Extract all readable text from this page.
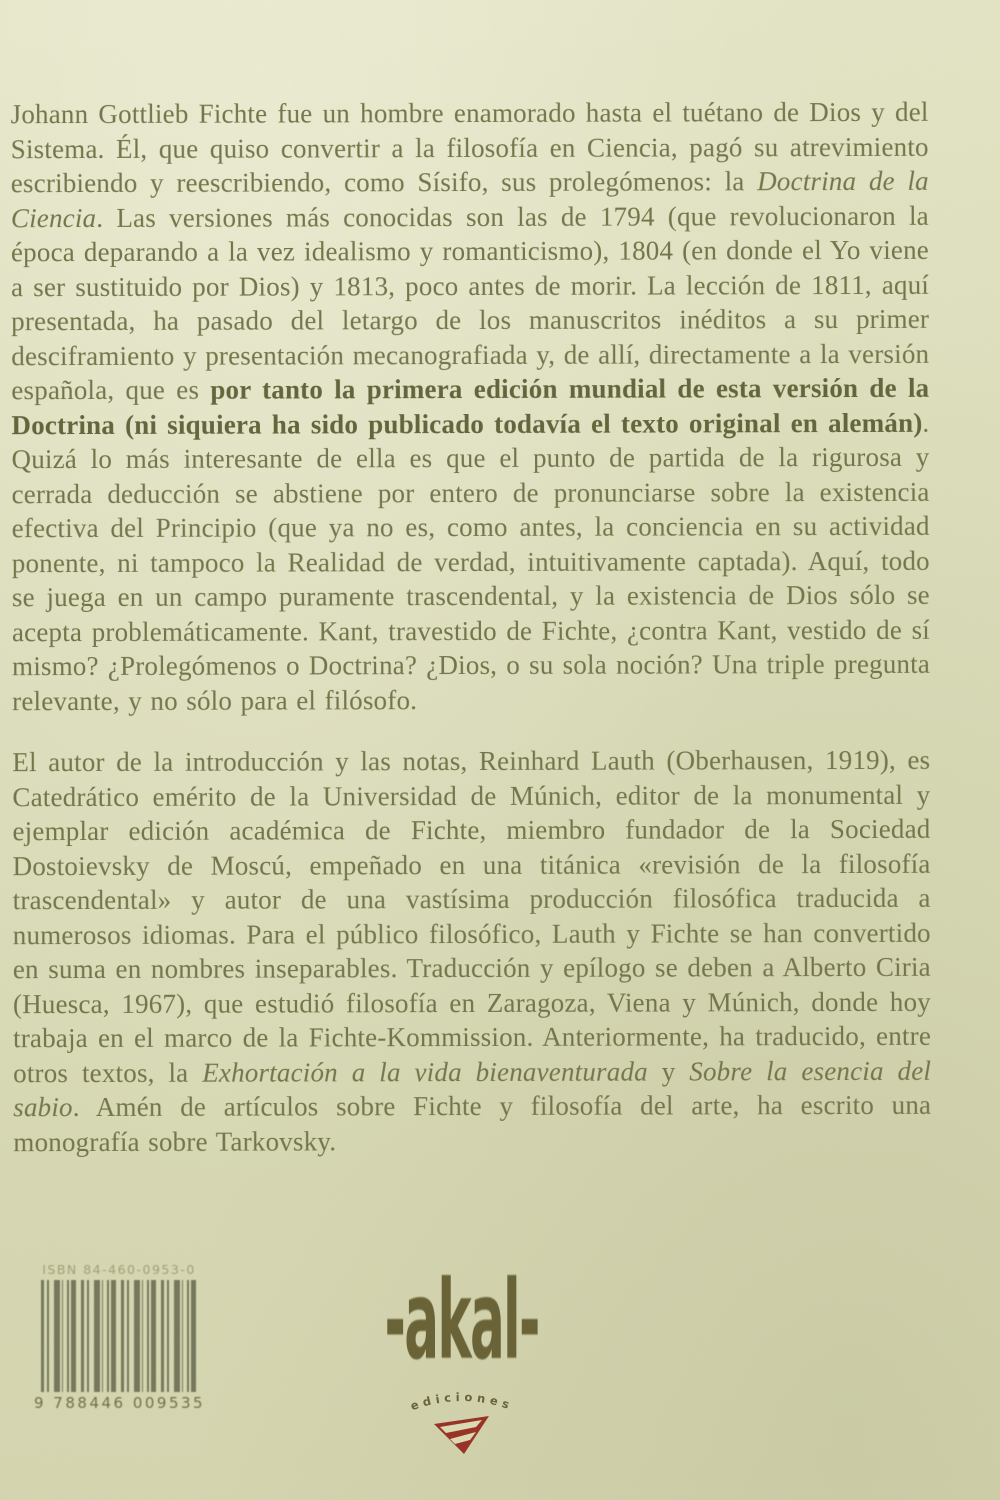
Johann Gottlieb Fichte fue un hombre enamorado hasta el tuétano de Dios y del Sistema. Él, que quiso convertir a la filosofía en Ciencia, pagó su atrevimiento escribiendo y reescribiendo, como Sísifo, sus prolegómenos: la Doctrina de la Ciencia. Las versiones más conocidas son las de 1794 (que revolucionaron la época deparando a la vez idealismo y romanticismo), 1804 (en donde el Yo viene a ser sustituido por Dios) y 1813, poco antes de morir. La lección de 1811, aquí presentada, ha pasado del letargo de los manuscritos inéditos a su primer desciframiento y presentación mecanografiada y, de allí, directamente a la versión española, que es por tanto la primera edición mundial de esta versión de la Doctrina (ni siquiera ha sido publicado todavía el texto original en alemán). Quizá lo más interesante de ella es que el punto de partida de la rigurosa y cerrada deducción se abstiene por entero de pronunciarse sobre la existencia efectiva del Principio (que ya no es, como antes, la conciencia en su actividad ponente, ni tampoco la Realidad de verdad, intuitivamente captada). Aquí, todo se juega en un campo puramente trascendental, y la existencia de Dios sólo se acepta problemáticamente. Kant, travestido de Fichte, ¿contra Kant, vestido de sí mismo? ¿Prolegómenos o Doctrina? ¿Dios, o su sola noción? Una triple pregunta relevante, y no sólo para el filósofo.

El autor de la introducción y las notas, Reinhard Lauth (Oberhausen, 1919), es Catedrático emérito de la Universidad de Múnich, editor de la monumental y ejemplar edición académica de Fichte, miembro fundador de la Sociedad Dostoievsky de Moscú, empeñado en una titánica «revisión de la filosofía trascendental» y autor de una vastísima producción filosófica traducida a numerosos idiomas. Para el público filosófico, Lauth y Fichte se han convertido en suma en nombres inseparables. Traducción y epílogo se deben a Alberto Ciria (Huesca, 1967), que estudió filosofía en Zaragoza, Viena y Múnich, donde hoy trabaja en el marco de la Fichte-Kommission. Anteriormente, ha traducido, entre otros textos, la Exhortación a la vida bienaventurada y Sobre la esencia del sabio. Amén de artículos sobre Fichte y filosofía del arte, ha escrito una monografía sobre Tarkovsky.

ISBN 84-460-0953-0
9 788446 009535
-akal-
ediciones
